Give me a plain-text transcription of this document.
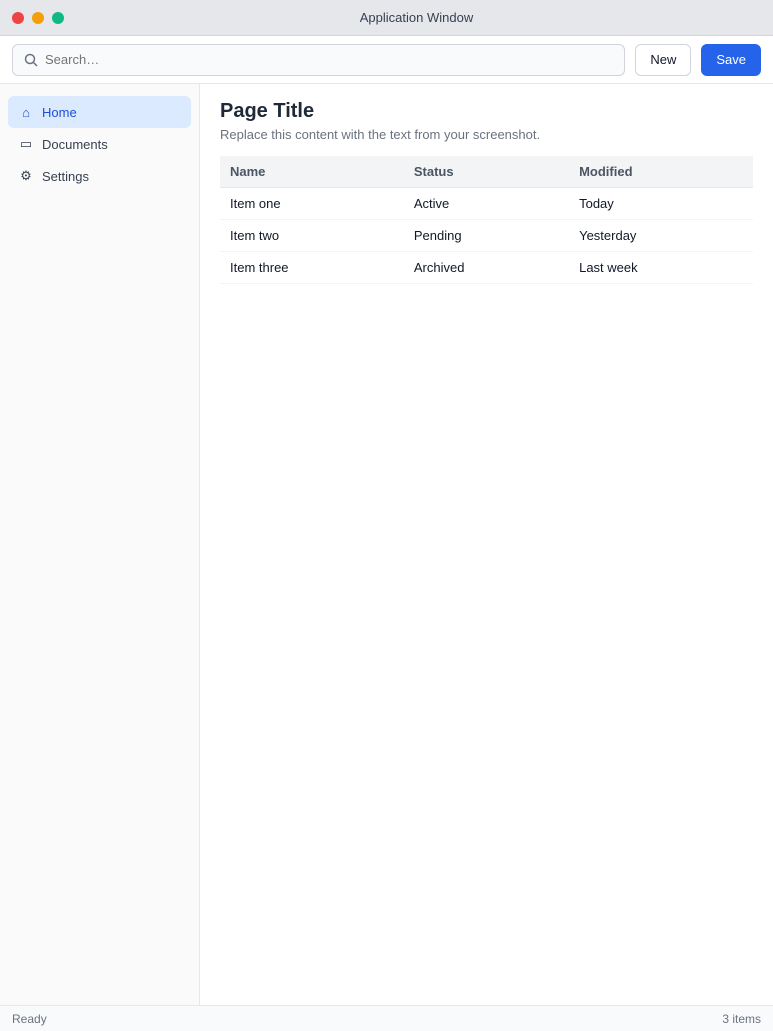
Application Window
Search…
New	Save
⌂ Home
▭ Documents
⚙ Settings
Page Title

Replace this content with the text from your screenshot.

Name	Status	Modified
Item one	Active	Today
Item two	Pending	Yesterday
Item three	Archived	Last week
Ready	3 items
